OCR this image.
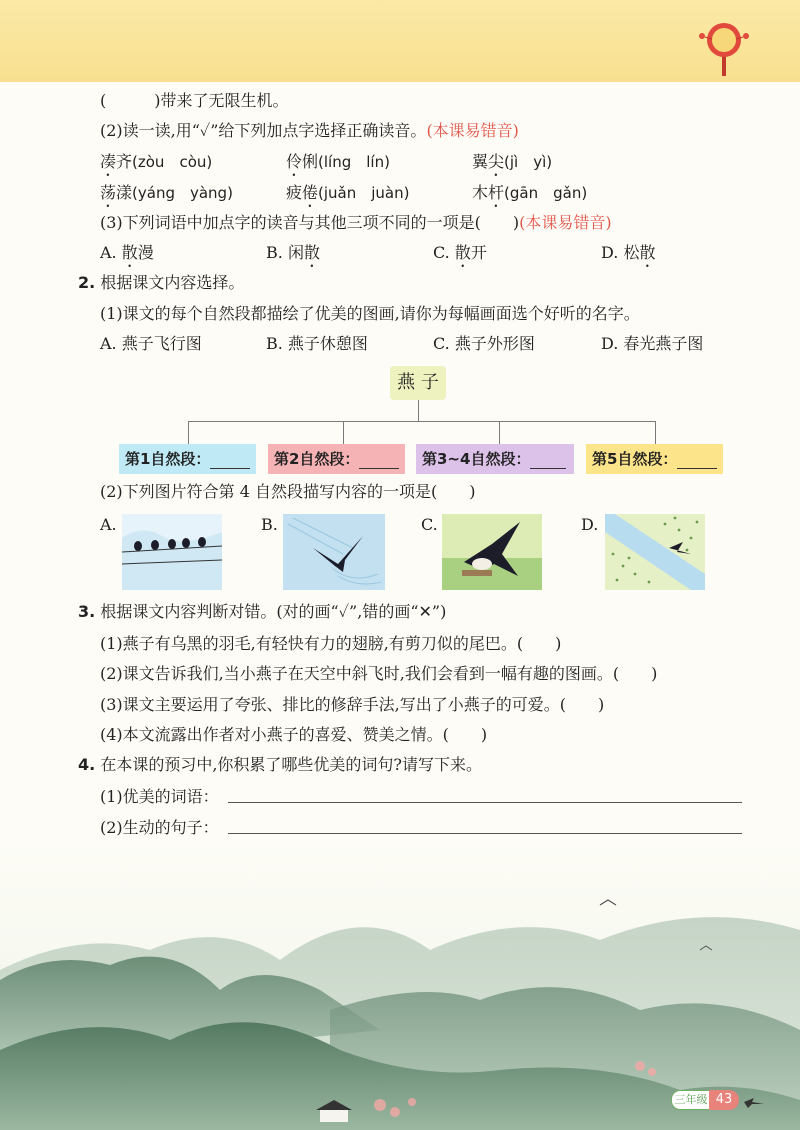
(　　　)带来了无限生机。
(2)读一读,用“✓”给下列加点字选择正确读音。(本课易错音)
凑齐(zòu　còu)	伶俐(líng　lín)	翼尖(jì　yì)
荡漾(yáng　yàng)	疲倦(juǎn　juàn)	木杆(gān　gǎn)
(3)下列词语中加点字的读音与其他三项不同的一项是(　　)(本课易错音)
A. 散漫	B. 闲散	C. 散开	D. 松散
2. 根据课文内容选择。
(1)课文的每个自然段都描绘了优美的图画,请你为每幅画面选个好听的名字。
A. 燕子飞行图	B. 燕子休憩图	C. 燕子外形图	D. 春光燕子图
燕 子
第1自然段：	第2自然段：	第3~4自然段：	第5自然段：
(2)下列图片符合第 4 自然段描写内容的一项是(　　)
A.	B.	C.	D.
3. 根据课文内容判断对错。(对的画“✓”,错的画“✕”)
(1)燕子有乌黑的羽毛,有轻快有力的翅膀,有剪刀似的尾巴。(　　)
(2)课文告诉我们,当小燕子在天空中斜飞时,我们会看到一幅有趣的图画。(　　)
(3)课文主要运用了夸张、排比的修辞手法,写出了小燕子的可爱。(　　)
(4)本文流露出作者对小燕子的喜爱、赞美之情。(　　)
4. 在本课的预习中,你积累了哪些优美的词句?请写下来。
(1)优美的词语：
(2)生动的句子：
三年级 43
